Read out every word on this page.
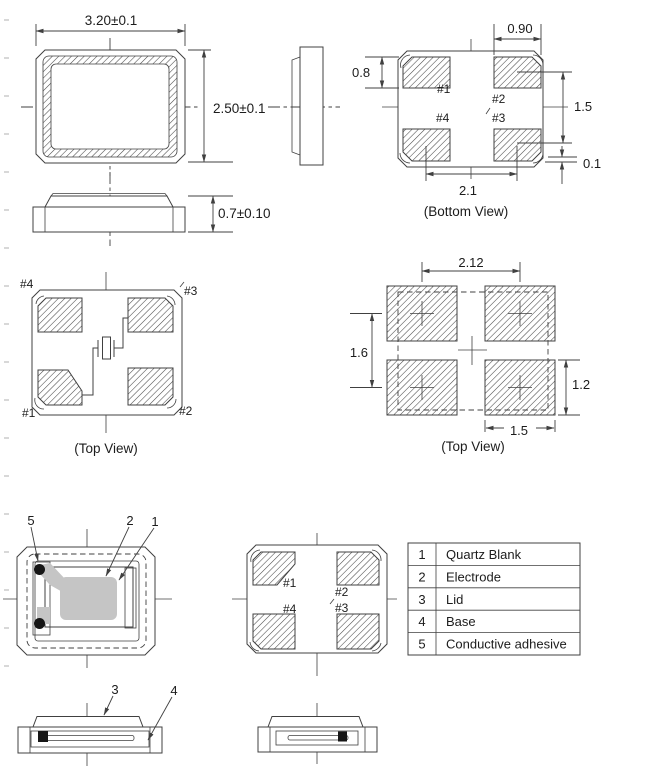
3.20±0.1
2.50±0.1
0.7±0.10
#1
#2
#3
#4
0.90
0.8
1.5
0.1
2.1
(Bottom View)
#4	#3
#1	#2
(Top View)
2.12
1.6
1.2
1.5
(Top View)
5	2 1
#1
#2
#3
#4
1 Quartz Blank
2 Electrode
3 Lid
4 Base
5 Conductive adhesive
3	4
